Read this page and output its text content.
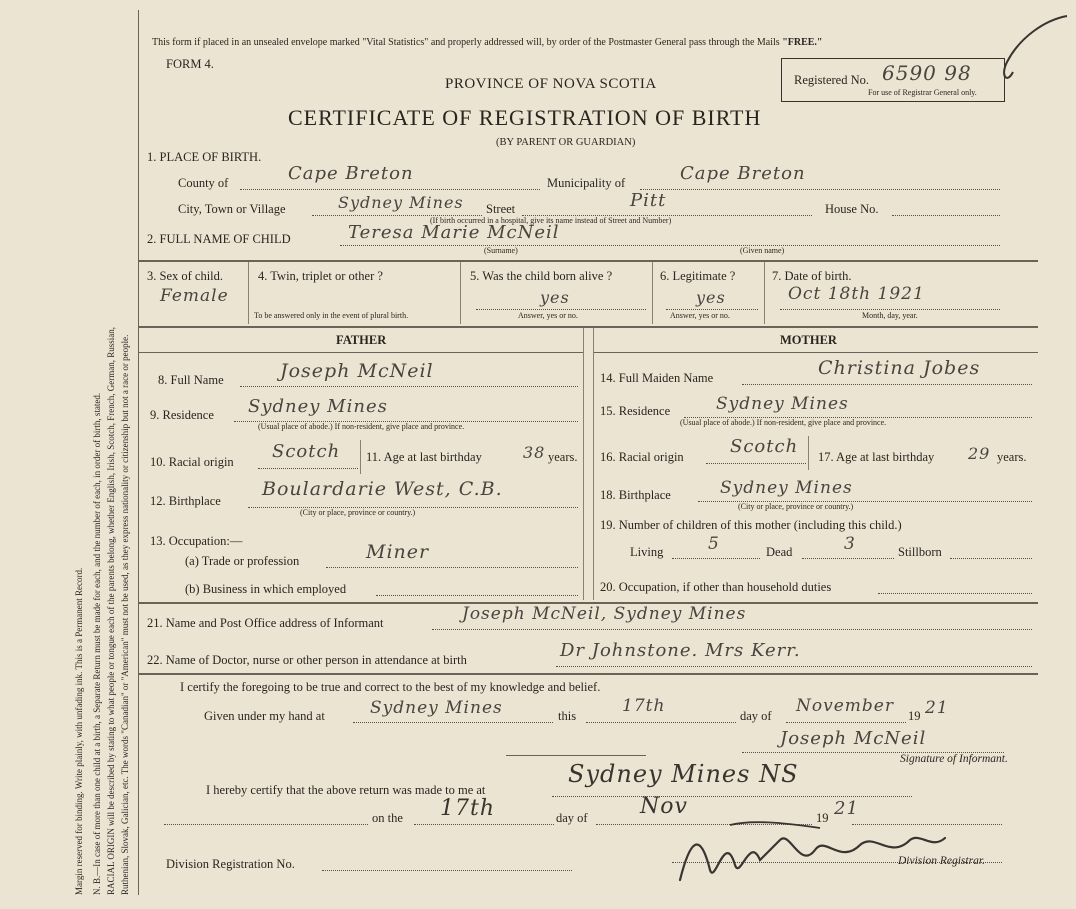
Margin reserved for binding. Write plainly, with unfading ink. This is a Permanent Record. N. B.—In case of more than one child at a birth, a Separate Return must be made for each, and the number of each, in order of birth, stated. RACIAL ORIGIN will be described by stating to what people or tongue each of the parents belong, whether English, Irish, Scotch, French, German, Russian, Ruthenian, Slovak, Galician, etc. The words "Canadian" or "American" must not be used, as they express nationality or citizenship but not a race or people.
This form if placed in an unsealed envelope marked "Vital Statistics" and properly addressed will, by order of the Postmaster General pass through the Mails "FREE."
FORM 4.
Registered No. 6590 98
For use of Registrar General only.
PROVINCE OF NOVA SCOTIA
CERTIFICATE OF REGISTRATION OF BIRTH
(BY PARENT OR GUARDIAN)
1. PLACE OF BIRTH.
County of	Cape Breton	Municipality of	Cape Breton
City, Town or Village	Sydney Mines Street	Pitt	House No.
(If birth occurred in a hospital, give its name instead of Street and Number)
2. FULL NAME OF CHILD	Teresa Marie McNeil
(Surname)	(Given name)
3. Sex of child.
Female
4. Twin, triplet or other ?
To be answered only in the event of plural birth.
5. Was the child born alive ?
yes
Answer, yes or no.
6. Legitimate ?
yes
Answer, yes or no.
7. Date of birth.
Oct 18th 1921
Month, day, year.
FATHER	MOTHER
8. Full Name	Joseph McNeil
9. Residence Sydney Mines
(Usual place of abode.) If non-resident, give place and province.
10. Racial origin Scotch 11. Age at last birthday	38 years.
12. Birthplace
Boulardarie West, C.B.
(City or place, province or country.)
13. Occupation:—
(a) Trade or profession	Miner
(b) Business in which employed
14. Full Maiden Name	Christina Jobes
15. Residence	Sydney Mines
(Usual place of abode.) If non-resident, give place and province.
16. Racial origin	Scotch 17. Age at last birthday 29 years.
18. Birthplace	Sydney Mines
(City or place, province or country.)
19. Number of children of this mother (including this child.)
Living	5	Dead	3	Stillborn
20. Occupation, if other than household duties
21. Name and Post Office address of Informant	Joseph McNeil, Sydney Mines
22. Name of Doctor, nurse or other person in attendance at birth	Dr Johnstone. Mrs Kerr.
I certify the foregoing to be true and correct to the best of my knowledge and belief.
Given under my hand at	Sydney Mines	this	17th	day of November 19 21
Joseph McNeil
Signature of Informant.
I hereby certify that the above return was made to me at
Sydney Mines NS
on the 17th	day of Nov	19 21
Division Registration No.	Division Registrar.
